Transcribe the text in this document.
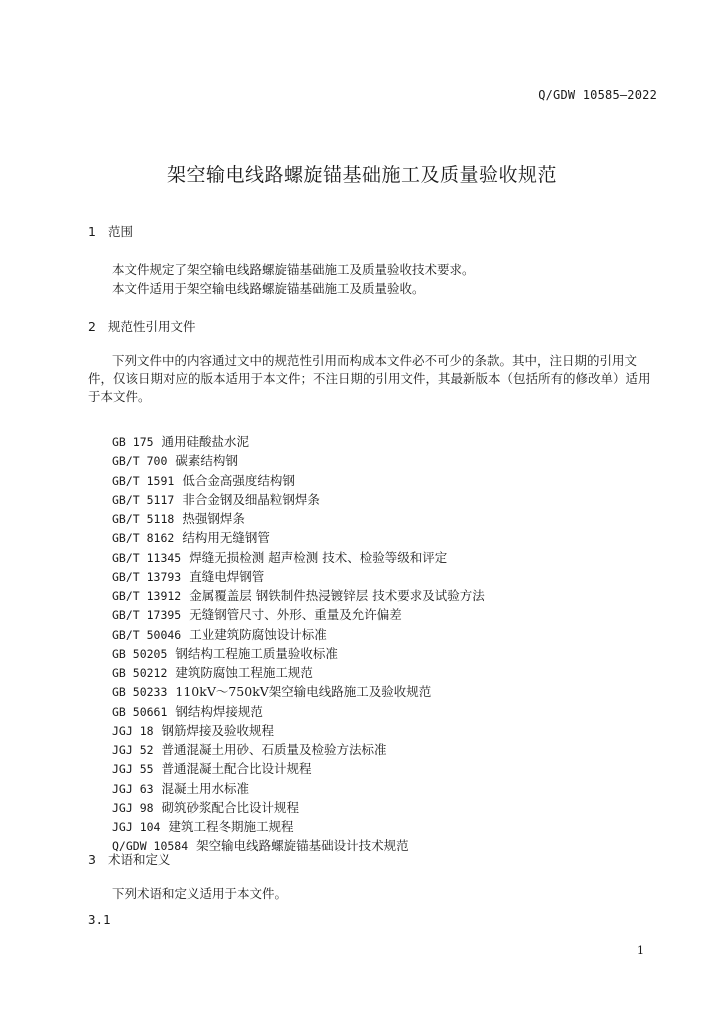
Q/GDW 10585—2022
架空输电线路螺旋锚基础施工及质量验收规范
1 范围
本文件规定了架空输电线路螺旋锚基础施工及质量验收技术要求。
本文件适用于架空输电线路螺旋锚基础施工及质量验收。
2 规范性引用文件
下列文件中的内容通过文中的规范性引用而构成本文件必不可少的条款。其中，注日期的引用文件，仅该日期对应的版本适用于本文件；不注日期的引用文件，其最新版本（包括所有的修改单）适用于本文件。
GB 175 通用硅酸盐水泥
GB/T 700 碳素结构钢
GB/T 1591 低合金高强度结构钢
GB/T 5117 非合金钢及细晶粒钢焊条
GB/T 5118 热强钢焊条
GB/T 8162 结构用无缝钢管
GB/T 11345 焊缝无损检测 超声检测 技术、检验等级和评定
GB/T 13793 直缝电焊钢管
GB/T 13912 金属覆盖层 钢铁制件热浸镀锌层 技术要求及试验方法
GB/T 17395 无缝钢管尺寸、外形、重量及允许偏差
GB/T 50046 工业建筑防腐蚀设计标准
GB 50205 钢结构工程施工质量验收标准
GB 50212 建筑防腐蚀工程施工规范
GB 50233 110kV～750kV架空输电线路施工及验收规范
GB 50661 钢结构焊接规范
JGJ 18 钢筋焊接及验收规程
JGJ 52 普通混凝土用砂、石质量及检验方法标准
JGJ 55 普通混凝土配合比设计规程
JGJ 63 混凝土用水标准
JGJ 98 砌筑砂浆配合比设计规程
JGJ 104 建筑工程冬期施工规程
Q/GDW 10584 架空输电线路螺旋锚基础设计技术规范
3 术语和定义
下列术语和定义适用于本文件。
3.1
1
